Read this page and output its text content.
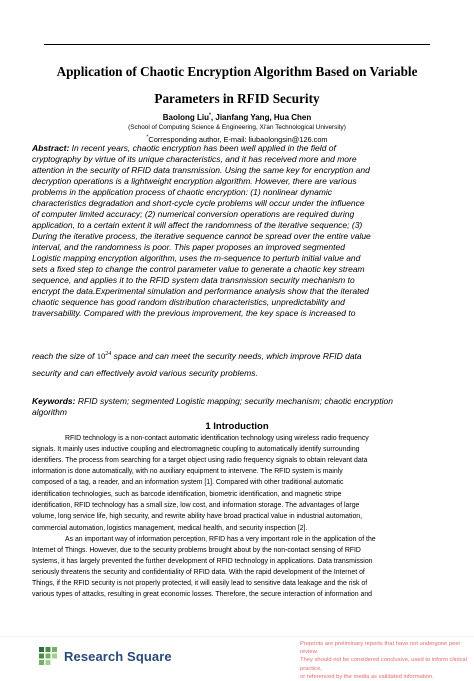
Application of Chaotic Encryption Algorithm Based on Variable
Parameters in RFID Security
Baolong Liu*, Jianfang Yang, Hua Chen
(School of Computing Science & Engineering, Xi'an Technological University)
*Corresponding author, E-mail: liubaolongsin@126.com
Abstract: In recent years, chaotic encryption has been well applied in the field of
cryptography by virtue of its unique characteristics, and it has received more and more
attention in the security of RFID data transmission. Using the same key for encryption and
decryption operations is a lightweight encryption algorithm. However, there are various
problems in the application process of chaotic encryption: (1) nonlinear dynamic
characteristics degradation and short-cycle cycle problems will occur under the influence
of computer limited accuracy; (2) numerical conversion operations are required during
application, to a certain extent it will affect the randomness of the iterative sequence; (3)
During the iterative process, the iterative sequence cannot be spread over the entire value
interval, and the randomness is poor. This paper proposes an improved segmented
Logistic mapping encryption algorithm, uses the m-sequence to perturb initial value and
sets a fixed step to change the control parameter value to generate a chaotic key stream
sequence, and applies it to the RFID system data transmission security mechanism to
encrypt the data.Experimental simulation and performance analysis show that the iterated
chaotic sequence has good random distribution characteristics, unpredictability and
traversability. Compared with the previous improvement, the key space is increased to
reach the size of $10^{24}$ space and can meet the security needs, which improve RFID data
security and can effectively avoid various security problems.
Keywords: RFID system; segmented Logistic mapping; security mechanism; chaotic encryption
algorithm
1 Introduction
RFID technology is a non-contact automatic identification technology using wireless radio frequency
signals. It mainly uses inductive coupling and electromagnetic coupling to automatically identify surrounding
identifiers. The process from searching for a target object using radio frequency signals to obtain relevant data
information is done automatically, with no auxiliary equipment to intervene. The RFID system is mainly
composed of a tag, a reader, and an information system [1]. Compared with other traditional automatic
identification technologies, such as barcode identification, biometric identification, and magnetic stripe
identification, RFID technology has a small size, low cost, and information storage. The advantages of large
volume, long service life, high security, and rewrite ability have broad practical value in industrial automation,
commercial automation, logistics management, medical health, and security inspection [2].
As an important way of information perception, RFID has a very important role in the application of the
Internet of Things. However, due to the security problems brought about by the non-contact sensing of RFID
systems, it has largely prevented the further development of RFID technology in applications. Data transmission
seriously threatens the security and confidentiality of RFID data. With the rapid development of the Internet of
Things, if the RFID security is not properly protected, it will easily lead to sensitive data leakage and the risk of
various types of attacks, resulting in great economic losses. Therefore, the secure interaction of information and
Research Square
Preprints are preliminary reports that have not undergone peer review.
They should not be considered conclusive, used to inform clinical practice,
or referenced by the media as validated information.
